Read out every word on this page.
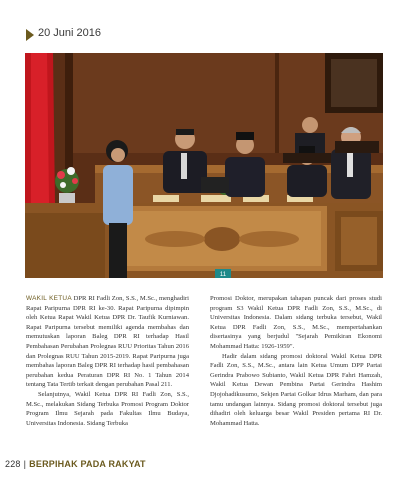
20 Juni 2016
11

WAKIL KETUA DPR RI Fadli Zon, S.S., M.Sc., menghadiri Rapat Paripurna DPR RI ke-30. Rapat Paripurna dipimpin oleh Ketua Rapat Wakil Ketua DPR Dr. Taufik Kurniawan. Rapat Paripurna tersebut memiliki agenda membahas dan memutuskan laporan Baleg DPR RI terhadap Hasil Pembahasan Perubahan Prolegnas RUU Prioritas Tahun 2016 dan Prolegnas RUU Tahun 2015-2019. Rapat Paripurna juga membahas laporan Baleg DPR RI terhadap hasil pembahasan perubahan kedua Peraturan DPR RI No. 1 Tahun 2014 tentang Tata Tertib terkait dengan perubahan Pasal 211.

Selanjutnya, Wakil Ketua DPR RI Fadli Zon, S.S., M.Sc., melakukan Sidang Terbuka Promosi Program Doktor Program Ilmu Sejarah pada Fakultas Ilmu Budaya, Universitas Indonesia. Sidang Terbuka

Promosi Doktor, merupakan tahapan puncak dari proses studi program S3 Wakil Ketua DPR Fadli Zon, S.S., M.Sc., di Universitas Indonesia. Dalam sidang terbuka tersebut, Wakil Ketua DPR Fadli Zon, S.S., M.Sc., mempertahankan disertasinya yang berjudul "Sejarah Pemikiran Ekonomi Mohammad Hatta: 1926-1959".

Hadir dalam sidang promosi doktoral Wakil Ketua DPR Fadli Zon, S.S., M.Sc., antara lain Ketua Umum DPP Partai Gerindra Prabowo Subianto, Wakil Ketua DPR Fahri Hamzah, Wakil Ketua Dewan Pembina Partai Gerindra Hashim Djojohadikusumo, Sekjen Partai Golkar Idrus Marham, dan para tamu undangan lainnya. Sidang promosi doktoral tersebut juga dihadiri oleh keluarga besar Wakil Presiden pertama RI Dr. Mohammad Hatta.

228 | BERPIHAK PADA RAKYAT
